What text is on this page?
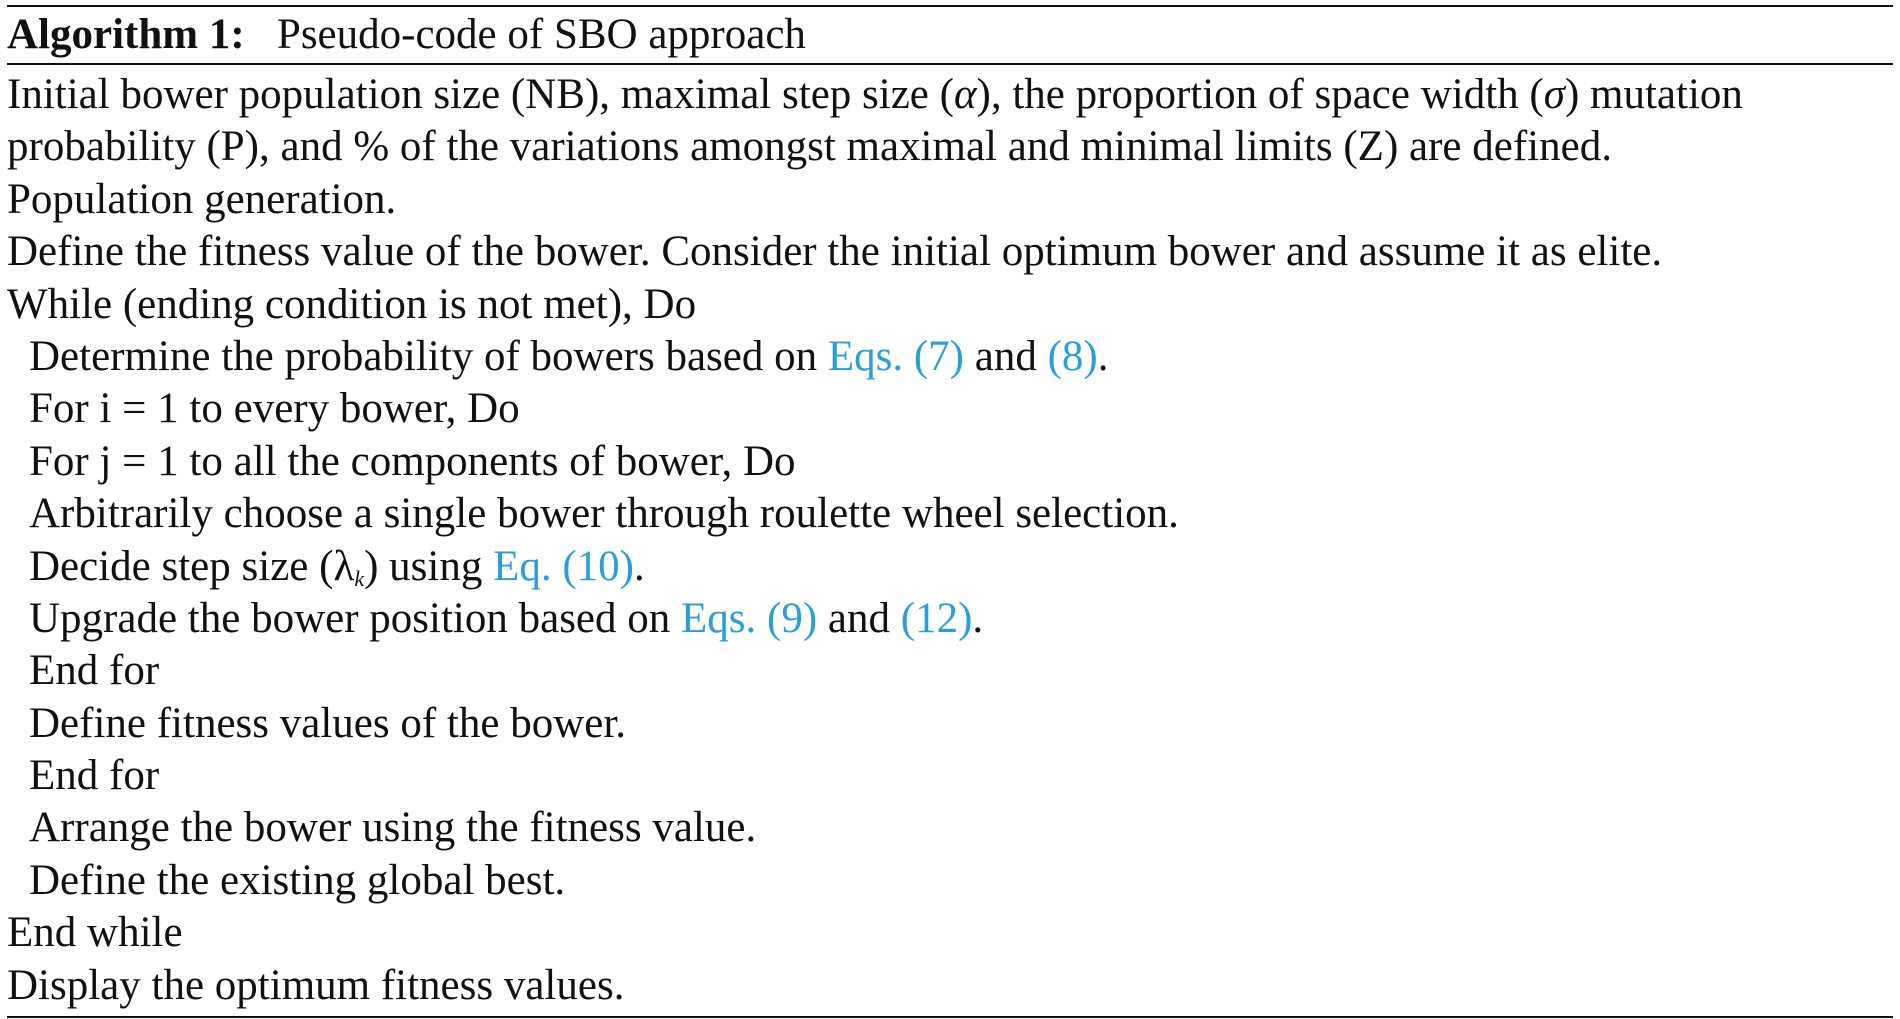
Algorithm 1: Pseudo-code of SBO approach
Initial bower population size (NB), maximal step size (α), the proportion of space width (σ) mutation
probability (P), and % of the variations amongst maximal and minimal limits (Z) are defined.
Population generation.
Define the fitness value of the bower. Consider the initial optimum bower and assume it as elite.
While (ending condition is not met), Do
Determine the probability of bowers based on Eqs. (7) and (8).
For i = 1 to every bower, Do
For j = 1 to all the components of bower, Do
Arbitrarily choose a single bower through roulette wheel selection.
Decide step size (λk) using Eq. (10).
Upgrade the bower position based on Eqs. (9) and (12).
End for
Define fitness values of the bower.
End for
Arrange the bower using the fitness value.
Define the existing global best.
End while
Display the optimum fitness values.
